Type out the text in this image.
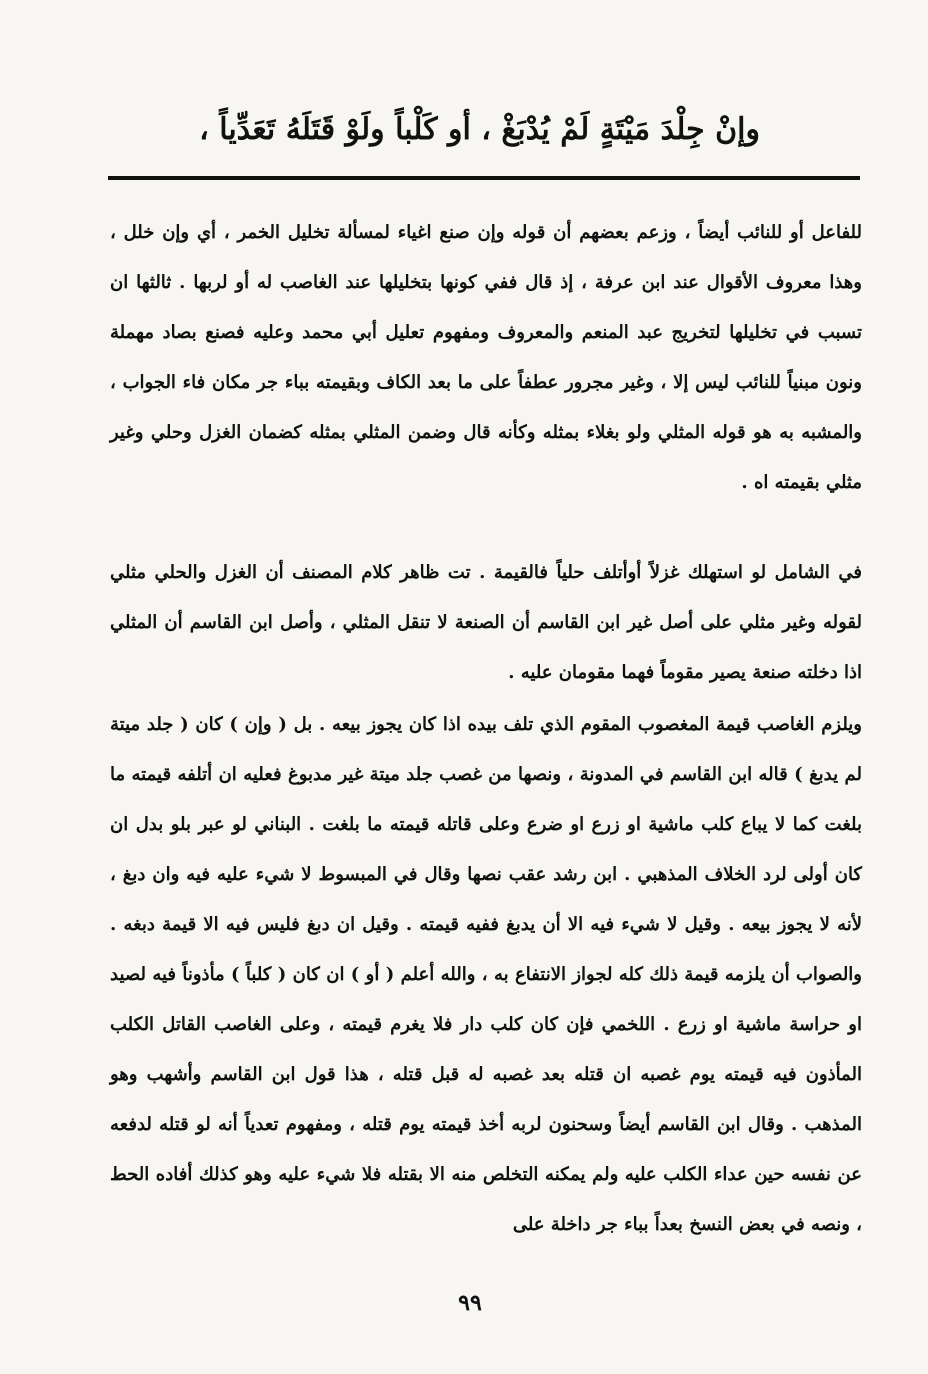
وإنْ جِلْدَ مَيْتَةٍ لَمْ يُدْبَغْ ، أو كَلْباً ولَوْ قَتَلَهُ تَعَدِّياً ،
للفاعل أو للنائب أيضاً ، وزعم بعضهم أن قوله وإن صنع اغياء لمسألة تخليل الخمر ، أي وإن خلل ، وهذا معروف الأقوال عند ابن عرفة ، إذ قال ففي كونها بتخليلها عند الغاصب له أو لربها . ثالثها ان تسبب في تخليلها لتخريج عبد المنعم والمعروف ومفهوم تعليل أبي محمد وعليه فصنع بصاد مهملة ونون مبنياً للنائب ليس إلا ، وغير مجرور عطفاً على ما بعد الكاف وبقيمته بباء جر مكان فاء الجواب ، والمشبه به هو قوله المثلي ولو بغلاء بمثله وكأنه قال وضمن المثلي بمثله كضمان الغزل وحلي وغير مثلي بقيمته اه .
في الشامل لو استهلك غزلاً أوأتلف حلياً فالقيمة . تت ظاهر كلام المصنف أن الغزل والحلي مثلي لقوله وغير مثلي على أصل غير ابن القاسم أن الصنعة لا تنقل المثلي ، وأصل ابن القاسم أن المثلي اذا دخلته صنعة يصير مقوماً فهما مقومان عليه .
ويلزم الغاصب قيمة المغصوب المقوم الذي تلف بيده اذا كان يجوز بيعه . بل ( وإن ) كان ( جلد ميتة لم يدبغ ) قاله ابن القاسم في المدونة ، ونصها من غصب جلد ميتة غير مدبوغ فعليه ان أتلفه قيمته ما بلغت كما لا يباع كلب ماشية او زرع او ضرع وعلى قاتله قيمته ما بلغت . البناني لو عبر بلو بدل ان كان أولى لرد الخلاف المذهبي . ابن رشد عقب نصها وقال في المبسوط لا شيء عليه فيه وان دبغ ، لأنه لا يجوز بيعه . وقيل لا شيء فيه الا أن يدبغ ففيه قيمته . وقيل ان دبغ فليس فيه الا قيمة دبغه . والصواب أن يلزمه قيمة ذلك كله لجواز الانتفاع به ، والله أعلم ( أو ) ان كان ( كلباً ) مأذوناً فيه لصيد او حراسة ماشية او زرع . اللخمي فإن كان كلب دار فلا يغرم قيمته ، وعلى الغاصب القاتل الكلب المأذون فيه قيمته يوم غصبه ان قتله بعد غصبه له قبل قتله ، هذا قول ابن القاسم وأشهب وهو المذهب . وقال ابن القاسم أيضاً وسحنون لربه أخذ قيمته يوم قتله ، ومفهوم تعدياً أنه لو قتله لدفعه عن نفسه حين عداء الكلب عليه ولم يمكنه التخلص منه الا بقتله فلا شيء عليه وهو كذلك أفاده الحط ، ونصه في بعض النسخ بعداً بباء جر داخلة على
٩٩
